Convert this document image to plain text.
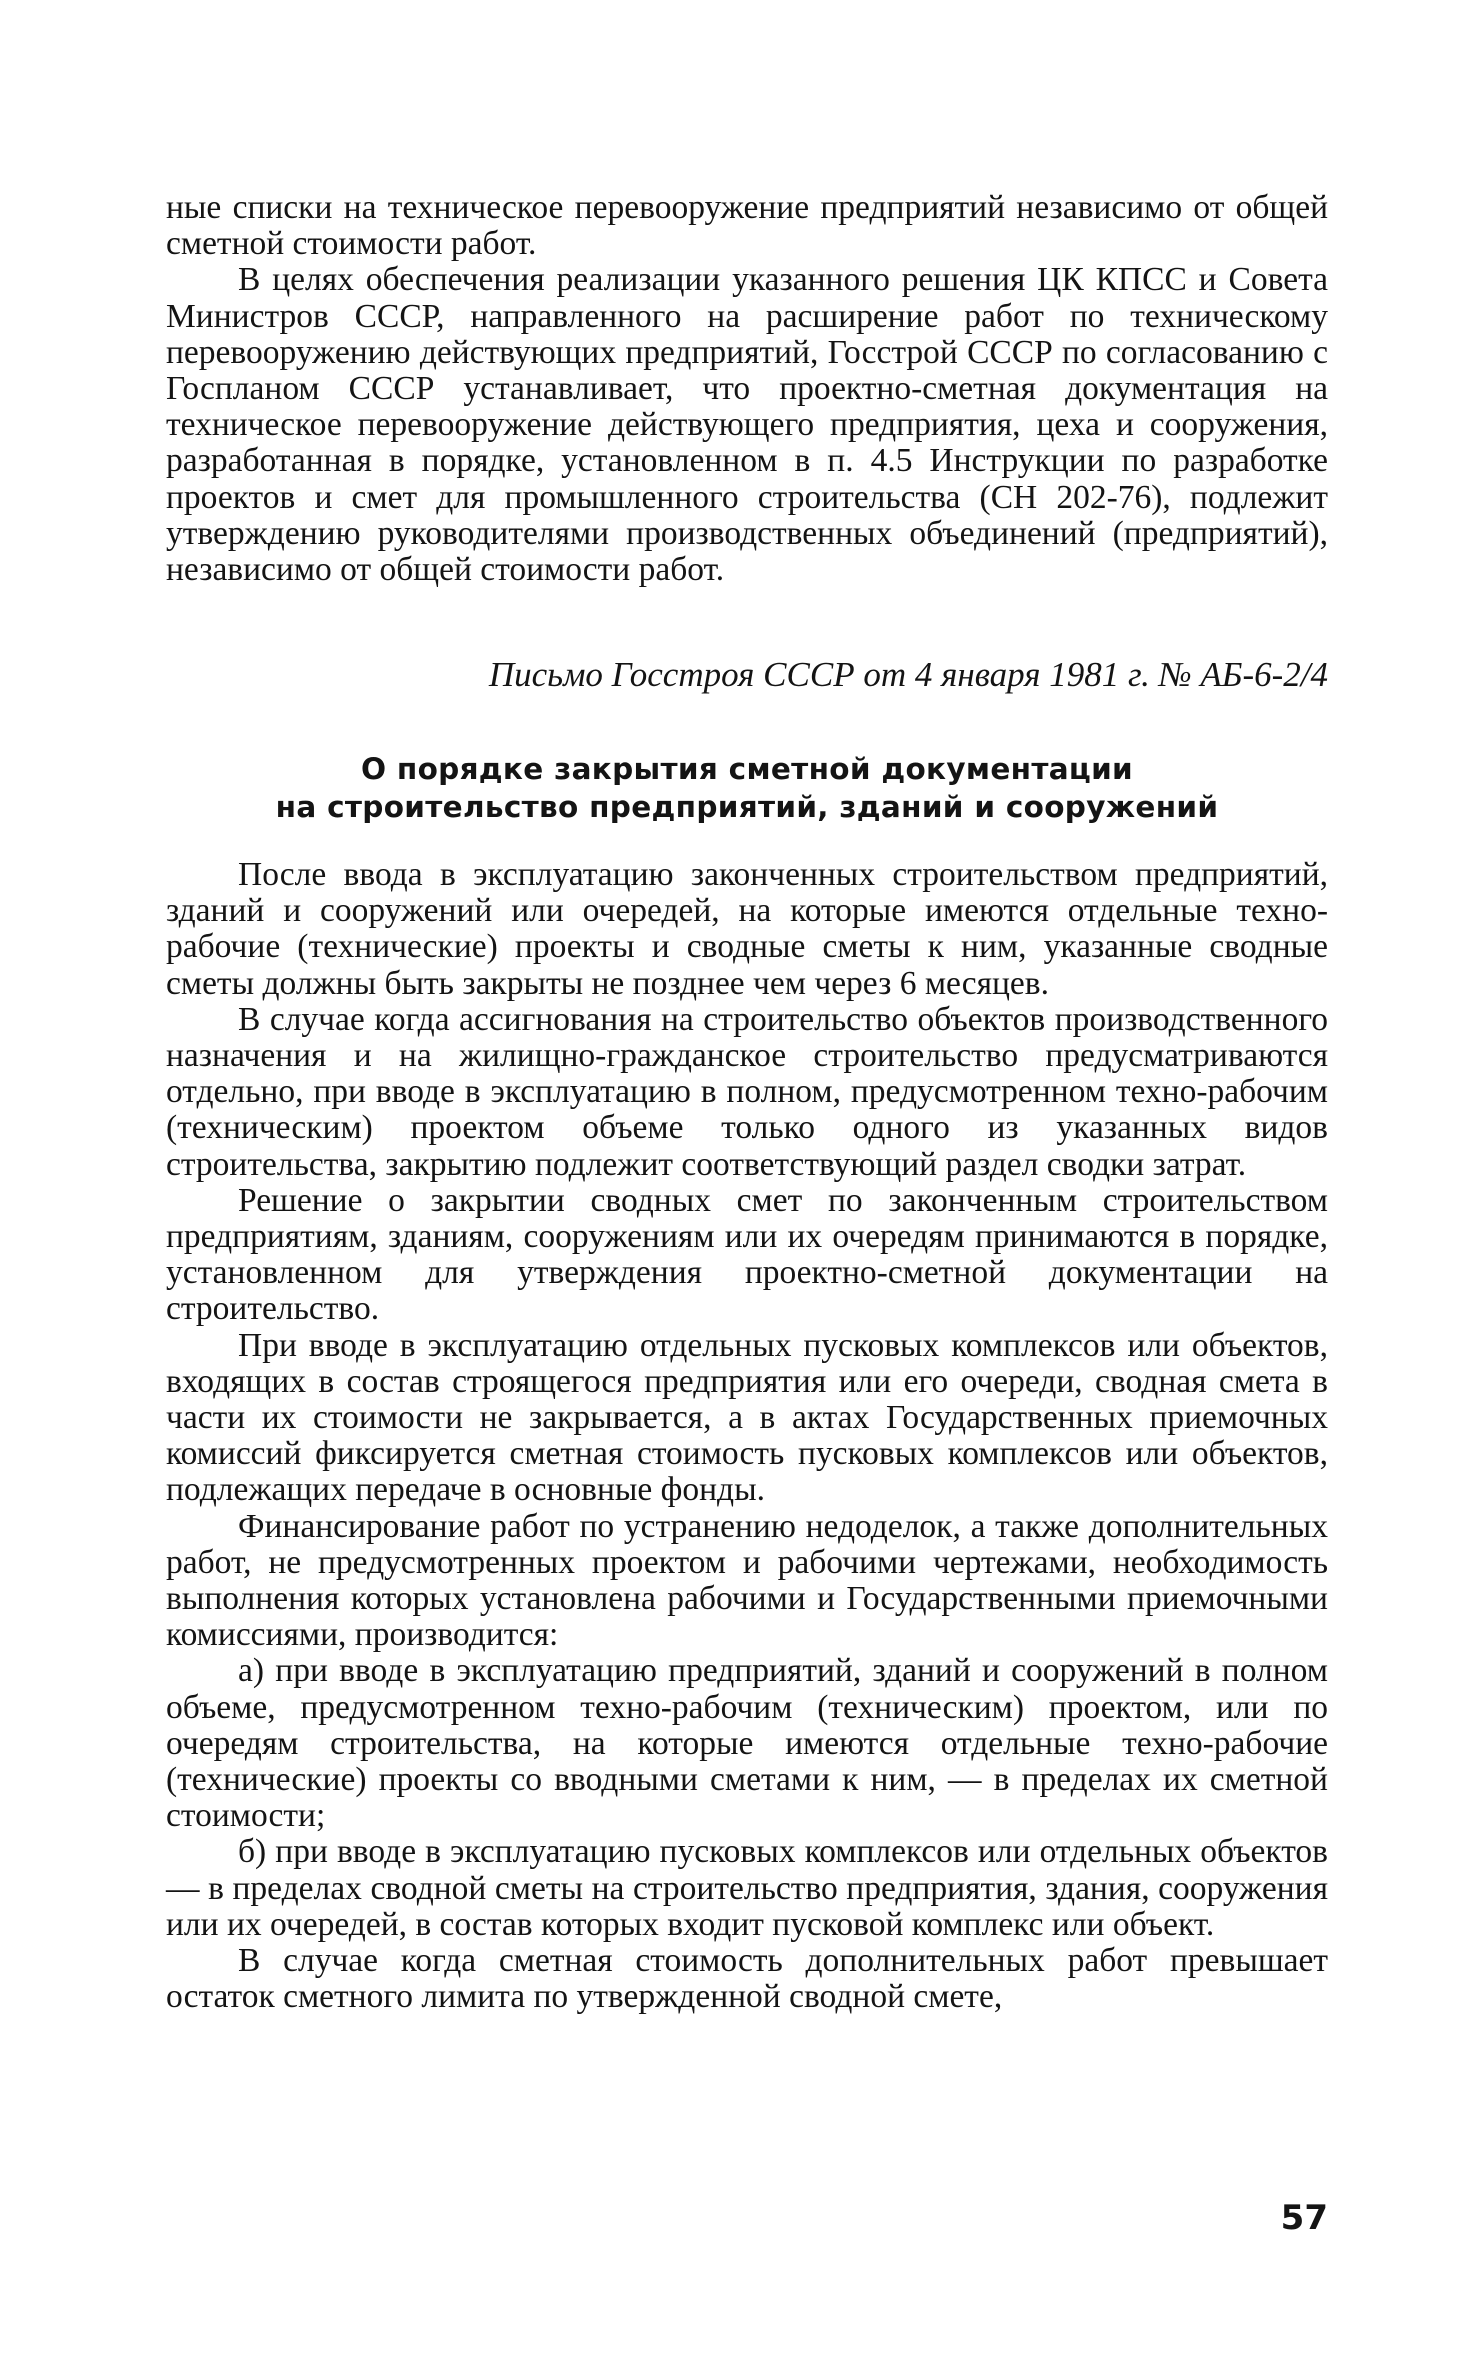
ные списки на техническое перевооружение предприятий независимо от общей сметной стоимости работ.

В целях обеспечения реализации указанного решения ЦК КПСС и Совета Министров СССР, направленного на расширение работ по техническому перевооружению действующих предприятий, Госстрой СССР по согласованию с Госпланом СССР устанавливает, что проектно-сметная документация на техническое перевооружение действующего предприятия, цеха и сооружения, разработанная в порядке, установленном в п. 4.5 Инструкции по разработке проектов и смет для промышленного строительства (СН 202-76), подлежит утверждению руководителями производственных объединений (предприятий), независимо от общей стоимости работ.

Письмо Госстроя СССР от 4 января 1981 г. № АБ-6-2/4
О порядке закрытия сметной документации
на строительство предприятий, зданий и сооружений

После ввода в эксплуатацию законченных строительством предприятий, зданий и сооружений или очередей, на которые имеются отдельные техно-рабочие (технические) проекты и сводные сметы к ним, указанные сводные сметы должны быть закрыты не позднее чем через 6 месяцев.

В случае когда ассигнования на строительство объектов производственного назначения и на жилищно-гражданское строительство предусматриваются отдельно, при вводе в эксплуатацию в полном, предусмотренном техно-рабочим (техническим) проектом объеме только одного из указанных видов строительства, закрытию подлежит соответствующий раздел сводки затрат.

Решение о закрытии сводных смет по законченным строительством предприятиям, зданиям, сооружениям или их очередям принимаются в порядке, установленном для утверждения проектно-сметной документации на строительство.

При вводе в эксплуатацию отдельных пусковых комплексов или объектов, входящих в состав строящегося предприятия или его очереди, сводная смета в части их стоимости не закрывается, а в актах Государственных приемочных комиссий фиксируется сметная стоимость пусковых комплексов или объектов, подлежащих передаче в основные фонды.

Финансирование работ по устранению недоделок, а также дополнительных работ, не предусмотренных проектом и рабочими чертежами, необходимость выполнения которых установлена рабочими и Государственными приемочными комиссиями, производится:

а) при вводе в эксплуатацию предприятий, зданий и сооружений в полном объеме, предусмотренном техно-рабочим (техническим) проектом, или по очередям строительства, на которые имеются отдельные техно-рабочие (технические) проекты со вводными сметами к ним, — в пределах их сметной стоимости;

б) при вводе в эксплуатацию пусковых комплексов или отдельных объектов — в пределах сводной сметы на строительство предприятия, здания, сооружения или их очередей, в состав которых входит пусковой комплекс или объект.

В случае когда сметная стоимость дополнительных работ превышает остаток сметного лимита по утвержденной сводной смете,

57
